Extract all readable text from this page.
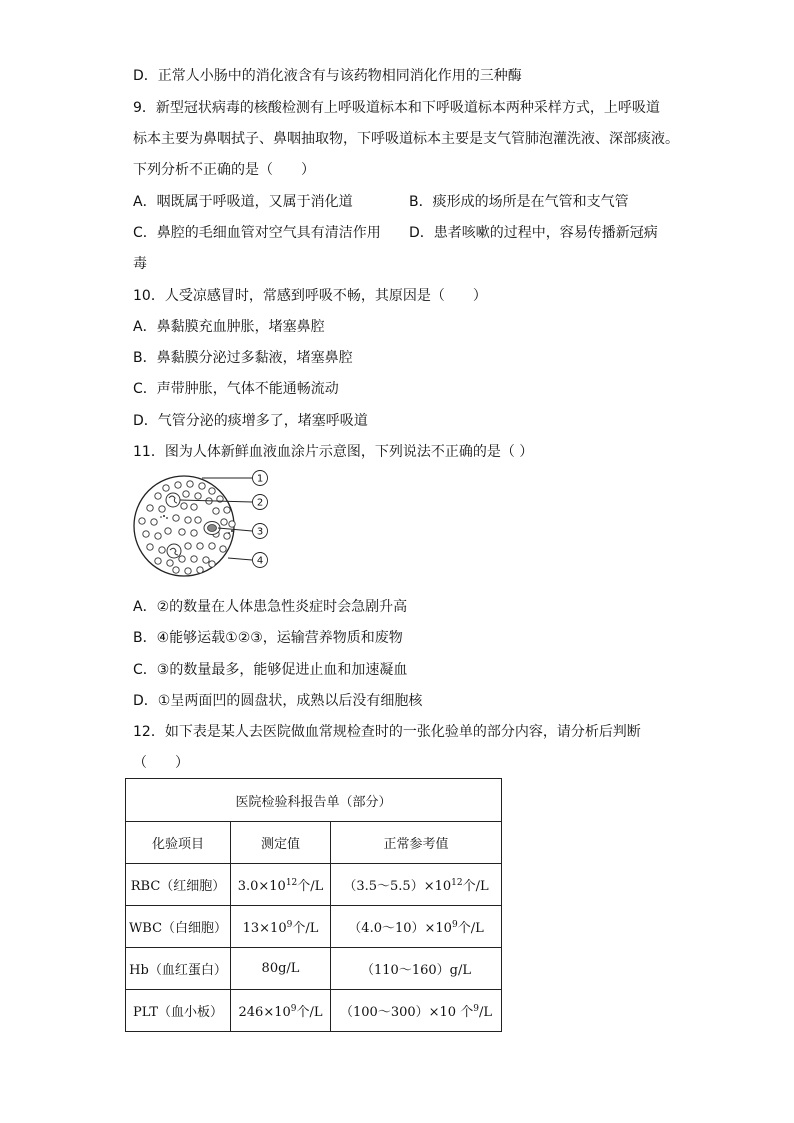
D．正常人小肠中的消化液含有与该药物相同消化作用的三种酶
9．新型冠状病毒的核酸检测有上呼吸道标本和下呼吸道标本两种采样方式，上呼吸道
标本主要为鼻咽拭子、鼻咽抽取物，下呼吸道标本主要是支气管肺泡灌洗液、深部痰液。
下列分析不正确的是（　　）
A．咽既属于呼吸道，又属于消化道	B．痰形成的场所是在气管和支气管
C．鼻腔的毛细血管对空气具有清洁作用 D．患者咳嗽的过程中，容易传播新冠病
毒
10．人受凉感冒时，常感到呼吸不畅，其原因是（　　）
A．鼻黏膜充血肿胀，堵塞鼻腔
B．鼻黏膜分泌过多黏液，堵塞鼻腔
C．声带肿胀，气体不能通畅流动
D．气管分泌的痰增多了，堵塞呼吸道
11．图为人体新鲜血液血涂片示意图，下列说法不正确的是（ ）
1
2
3
4
A．②的数量在人体患急性炎症时会急剧升高
B．④能够运载①②③，运输营养物质和废物
C．③的数量最多，能够促进止血和加速凝血
D．①呈两面凹的圆盘状，成熟以后没有细胞核
12．如下表是某人去医院做血常规检查时的一张化验单的部分内容，请分析后判断
（　　）
医院检验科报告单（部分）		
化验项目	测定值	正常参考值
RBC（红细胞）	$3.0\times 10^{12}$个/L	$(3.5\sim 5.5)\times 10^{12}$个/L
WBC（白细胞）	$13\times 10^9$个/L	$(4.0\sim 10)\times 10^9$个/L
Hb（血红蛋白）	80g/L	（110～160）g/L
PLT（血小板）	$246\times 10^9$个/L	（100～300）×10 个$^9$/L
